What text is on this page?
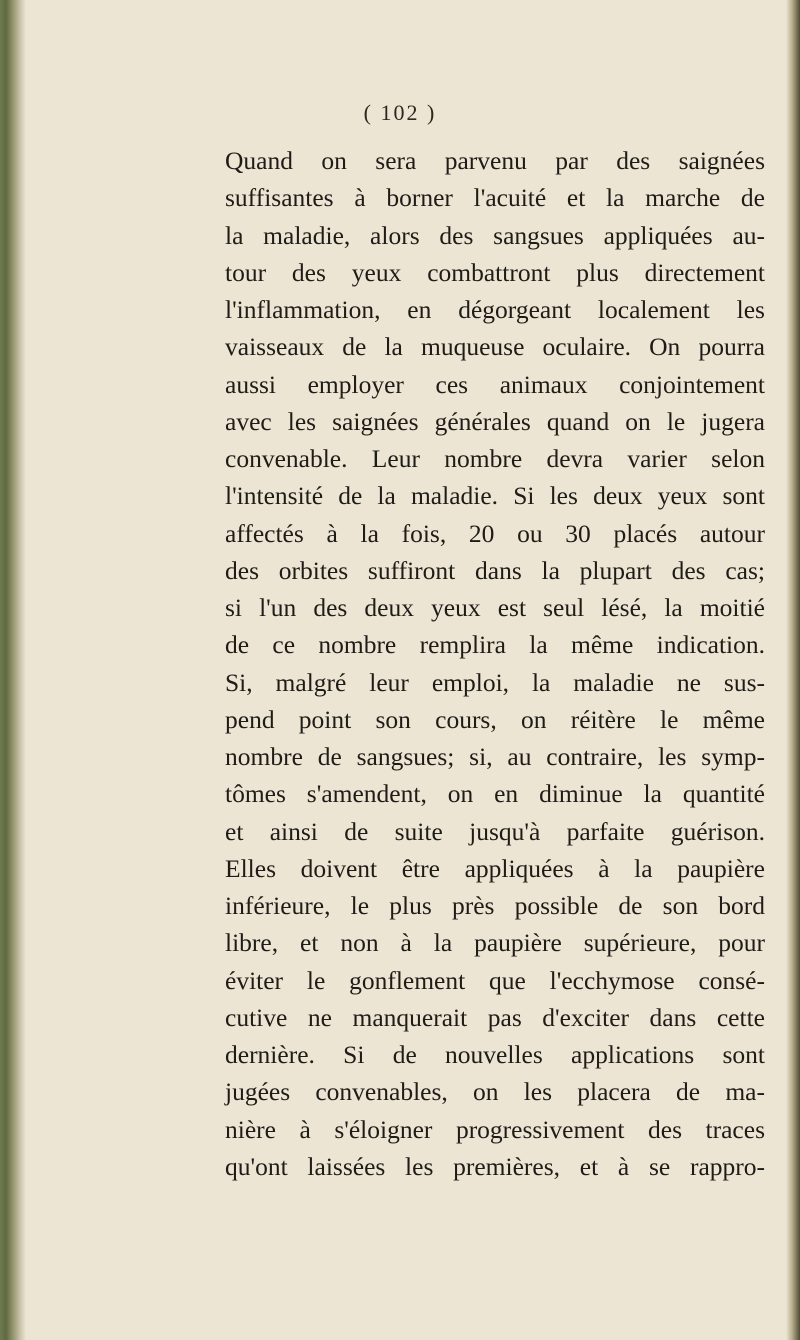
( 102 )
Quand on sera parvenu par des saignées
suffisantes à borner l'acuité et la marche de
la maladie, alors des sangsues appliquées au-
tour des yeux combattront plus directement
l'inflammation, en dégorgeant localement les
vaisseaux de la muqueuse oculaire. On pourra
aussi employer ces animaux conjointement
avec les saignées générales quand on le jugera
convenable. Leur nombre devra varier selon
l'intensité de la maladie. Si les deux yeux sont
affectés à la fois, 20 ou 30 placés autour
des orbites suffiront dans la plupart des cas;
si l'un des deux yeux est seul lésé, la moitié
de ce nombre remplira la même indication.
Si, malgré leur emploi, la maladie ne sus-
pend point son cours, on réitère le même
nombre de sangsues; si, au contraire, les symp-
tômes s'amendent, on en diminue la quantité
et ainsi de suite jusqu'à parfaite guérison.
Elles doivent être appliquées à la paupière
inférieure, le plus près possible de son bord
libre, et non à la paupière supérieure, pour
éviter le gonflement que l'ecchymose consé-
cutive ne manquerait pas d'exciter dans cette
dernière. Si de nouvelles applications sont
jugées convenables, on les placera de ma-
nière à s'éloigner progressivement des traces
qu'ont laissées les premières, et à se rappro-
